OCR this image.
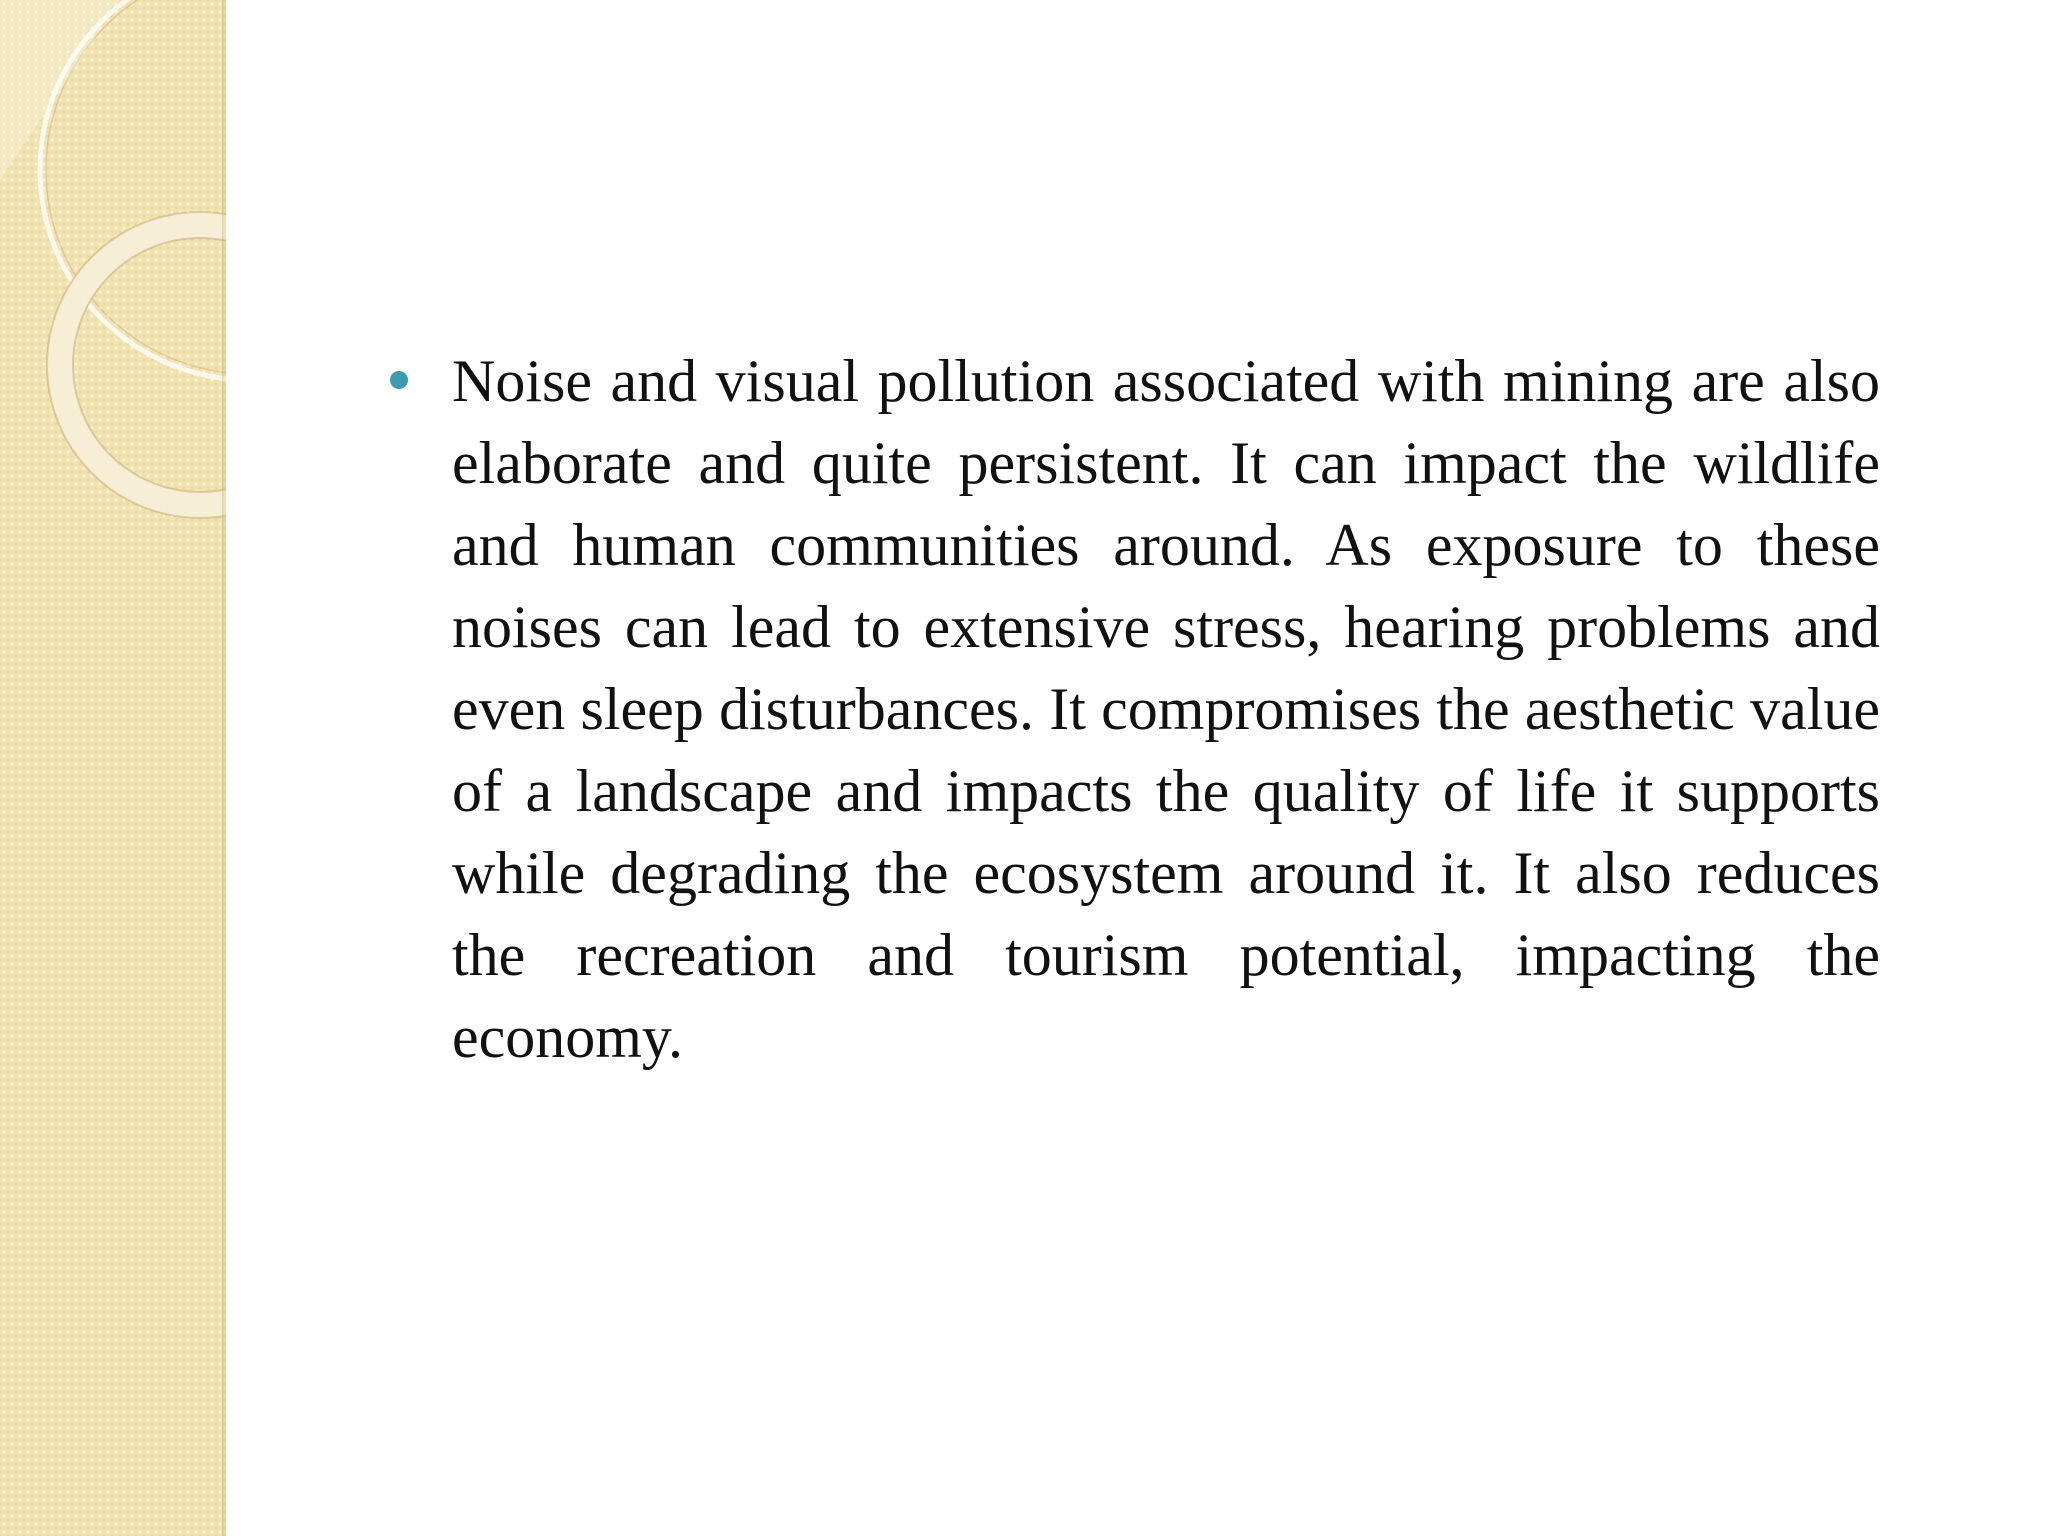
Noise and visual pollution associated with mining are also elaborate and quite persistent. It can impact the wildlife and human communities around. As exposure to these noises can lead to extensive stress, hearing problems and even sleep disturbances. It compromises the aesthetic value of a landscape and impacts the quality of life it supports while degrading the ecosystem around it. It also reduces the recreation and tourism potential, impacting the economy.
